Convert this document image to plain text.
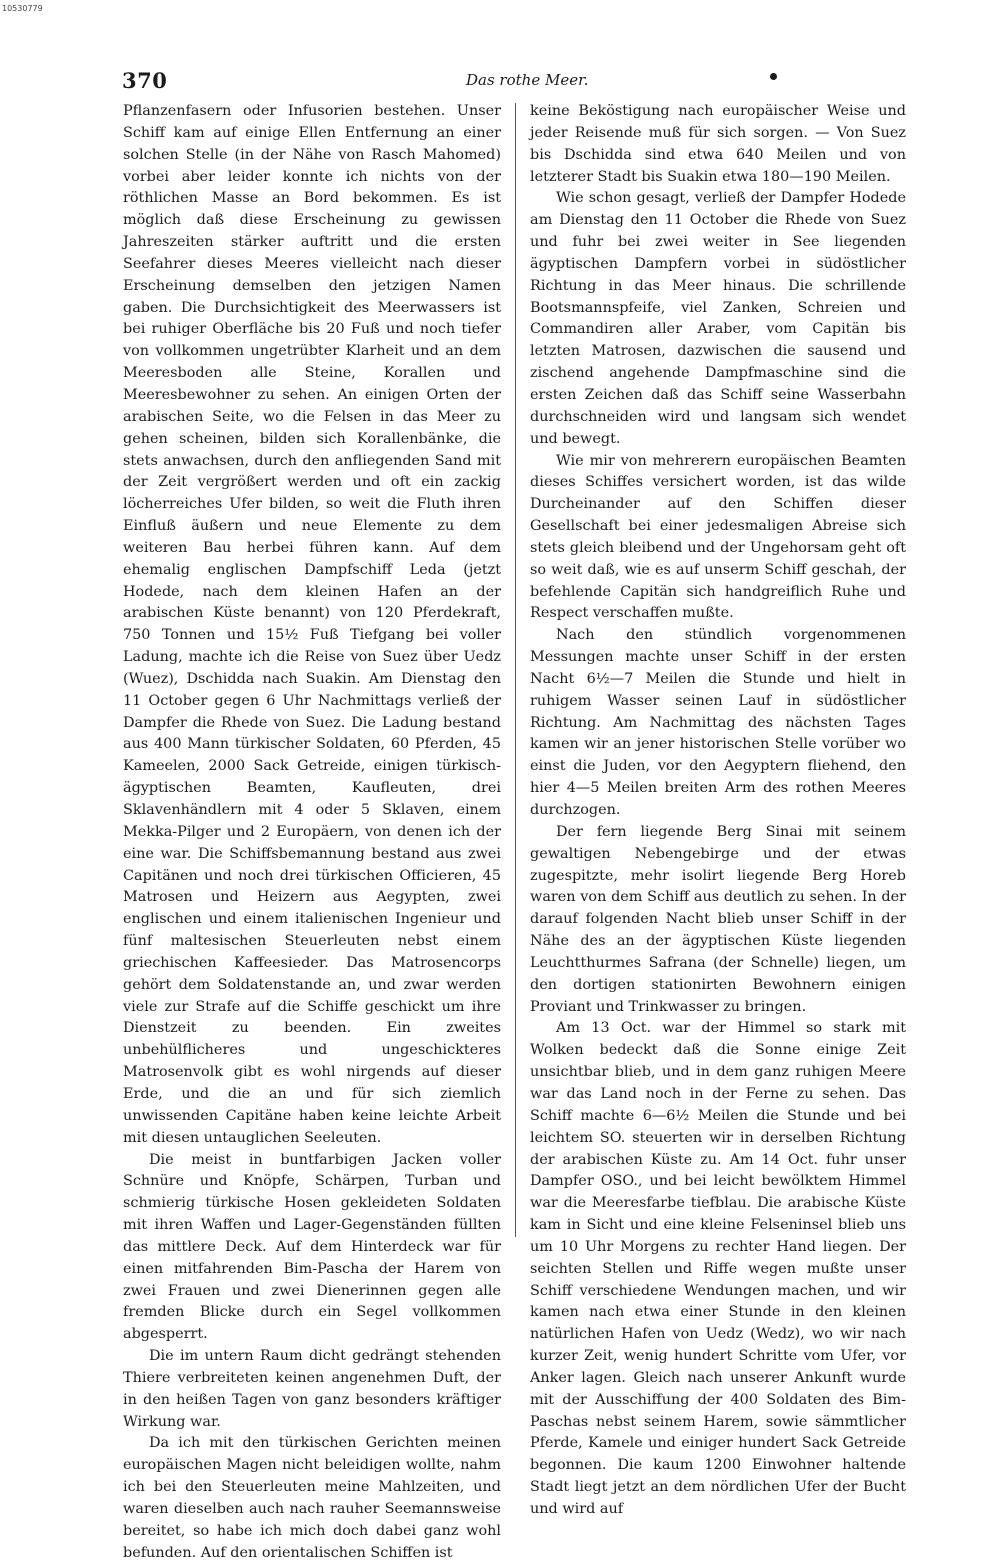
10530779
370	Das rothe Meer.

Pflanzenfasern oder Infusorien bestehen. Unser Schiff kam auf einige Ellen Entfernung an einer solchen Stelle (in der Nähe von Rasch Mahomed) vorbei aber leider konnte ich nichts von der röthlichen Masse an Bord bekommen. Es ist möglich daß diese Erscheinung zu gewissen Jahreszeiten stärker auftritt und die ersten Seefahrer dieses Meeres vielleicht nach dieser Erscheinung demselben den jetzigen Namen gaben. Die Durchsichtigkeit des Meerwassers ist bei ruhiger Oberfläche bis 20 Fuß und noch tiefer von vollkommen ungetrübter Klarheit und an dem Meeresboden alle Steine, Korallen und Meeresbewohner zu sehen. An einigen Orten der arabischen Seite, wo die Felsen in das Meer zu gehen scheinen, bilden sich Korallenbänke, die stets anwachsen, durch den anfliegenden Sand mit der Zeit vergrößert werden und oft ein zackig löcherreiches Ufer bilden, so weit die Fluth ihren Einfluß äußern und neue Elemente zu dem weiteren Bau herbei führen kann. Auf dem ehemalig englischen Dampfschiff Leda (jetzt Hodede, nach dem kleinen Hafen an der arabischen Küste benannt) von 120 Pferdekraft, 750 Tonnen und 15½ Fuß Tiefgang bei voller Ladung, machte ich die Reise von Suez über Uedz (Wuez), Dschidda nach Suakin. Am Dienstag den 11 October gegen 6 Uhr Nachmittags verließ der Dampfer die Rhede von Suez. Die Ladung bestand aus 400 Mann türkischer Soldaten, 60 Pferden, 45 Kameelen, 2000 Sack Getreide, einigen türkisch-ägyptischen Beamten, Kaufleuten, drei Sklavenhändlern mit 4 oder 5 Sklaven, einem Mekka-Pilger und 2 Europäern, von denen ich der eine war. Die Schiffsbemannung bestand aus zwei Capitänen und noch drei türkischen Officieren, 45 Matrosen und Heizern aus Aegypten, zwei englischen und einem italienischen Ingenieur und fünf maltesischen Steuerleuten nebst einem griechischen Kaffeesieder. Das Matrosencorps gehört dem Soldatenstande an, und zwar werden viele zur Strafe auf die Schiffe geschickt um ihre Dienstzeit zu beenden. Ein zweites unbehülflicheres und ungeschickteres Matrosenvolk gibt es wohl nirgends auf dieser Erde, und die an und für sich ziemlich unwissenden Capitäne haben keine leichte Arbeit mit diesen untauglichen Seeleuten.

Die meist in buntfarbigen Jacken voller Schnüre und Knöpfe, Schärpen, Turban und schmierig türkische Hosen gekleideten Soldaten mit ihren Waffen und Lager-Gegenständen füllten das mittlere Deck. Auf dem Hinterdeck war für einen mitfahrenden Bim-Pascha der Harem von zwei Frauen und zwei Dienerinnen gegen alle fremden Blicke durch ein Segel vollkommen abgesperrt.

Die im untern Raum dicht gedrängt stehenden Thiere verbreiteten keinen angenehmen Duft, der in den heißen Tagen von ganz besonders kräftiger Wirkung war.

Da ich mit den türkischen Gerichten meinen europäischen Magen nicht beleidigen wollte, nahm ich bei den Steuerleuten meine Mahlzeiten, und waren dieselben auch nach rauher Seemannsweise bereitet, so habe ich mich doch dabei ganz wohl befunden. Auf den orientalischen Schiffen ist

keine Beköstigung nach europäischer Weise und jeder Reisende muß für sich sorgen. — Von Suez bis Dschidda sind etwa 640 Meilen und von letzterer Stadt bis Suakin etwa 180—190 Meilen.

Wie schon gesagt, verließ der Dampfer Hodede am Dienstag den 11 October die Rhede von Suez und fuhr bei zwei weiter in See liegenden ägyptischen Dampfern vorbei in südöstlicher Richtung in das Meer hinaus. Die schrillende Bootsmannspfeife, viel Zanken, Schreien und Commandiren aller Araber, vom Capitän bis letzten Matrosen, dazwischen die sausend und zischend angehende Dampfmaschine sind die ersten Zeichen daß das Schiff seine Wasserbahn durchschneiden wird und langsam sich wendet und bewegt.

Wie mir von mehrerern europäischen Beamten dieses Schiffes versichert worden, ist das wilde Durcheinander auf den Schiffen dieser Gesellschaft bei einer jedesmaligen Abreise sich stets gleich bleibend und der Ungehorsam geht oft so weit daß, wie es auf unserm Schiff geschah, der befehlende Capitän sich handgreiflich Ruhe und Respect verschaffen mußte.

Nach den stündlich vorgenommenen Messungen machte unser Schiff in der ersten Nacht 6½—7 Meilen die Stunde und hielt in ruhigem Wasser seinen Lauf in südöstlicher Richtung. Am Nachmittag des nächsten Tages kamen wir an jener historischen Stelle vorüber wo einst die Juden, vor den Aegyptern fliehend, den hier 4—5 Meilen breiten Arm des rothen Meeres durchzogen.

Der fern liegende Berg Sinai mit seinem gewaltigen Nebengebirge und der etwas zugespitzte, mehr isolirt liegende Berg Horeb waren von dem Schiff aus deutlich zu sehen. In der darauf folgenden Nacht blieb unser Schiff in der Nähe des an der ägyptischen Küste liegenden Leuchtthurmes Safrana (der Schnelle) liegen, um den dortigen stationirten Bewohnern einigen Proviant und Trinkwasser zu bringen.

Am 13 Oct. war der Himmel so stark mit Wolken bedeckt daß die Sonne einige Zeit unsichtbar blieb, und in dem ganz ruhigen Meere war das Land noch in der Ferne zu sehen. Das Schiff machte 6—6½ Meilen die Stunde und bei leichtem SO. steuerten wir in derselben Richtung der arabischen Küste zu. Am 14 Oct. fuhr unser Dampfer OSO., und bei leicht bewölktem Himmel war die Meeresfarbe tiefblau. Die arabische Küste kam in Sicht und eine kleine Felseninsel blieb uns um 10 Uhr Morgens zu rechter Hand liegen. Der seichten Stellen und Riffe wegen mußte unser Schiff verschiedene Wendungen machen, und wir kamen nach etwa einer Stunde in den kleinen natürlichen Hafen von Uedz (Wedz), wo wir nach kurzer Zeit, wenig hundert Schritte vom Ufer, vor Anker lagen. Gleich nach unserer Ankunft wurde mit der Ausschiffung der 400 Soldaten des Bim-Paschas nebst seinem Harem, sowie sämmtlicher Pferde, Kamele und einiger hundert Sack Getreide begonnen. Die kaum 1200 Einwohner haltende Stadt liegt jetzt an dem nördlichen Ufer der Bucht und wird auf
